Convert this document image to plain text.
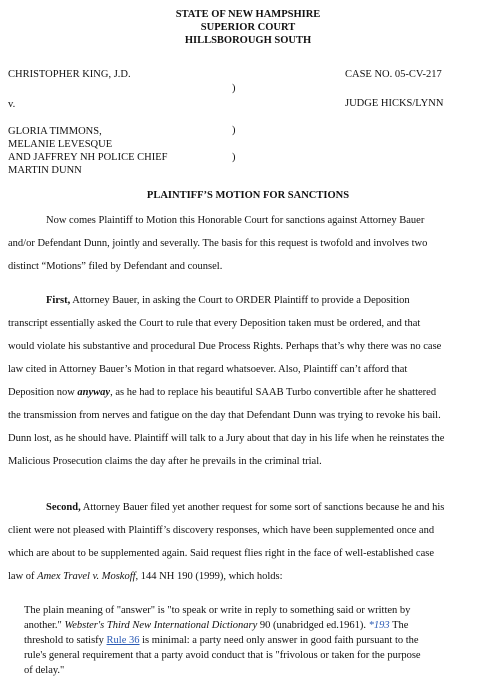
STATE OF NEW HAMPSHIRE
SUPERIOR COURT
HILLSBOROUGH SOUTH
CHRISTOPHER KING, J.D.	CASE NO. 05-CV-217
)
v.	JUDGE HICKS/LYNN
GLORIA TIMMONS,	)
MELANIE LEVESQUE
AND JAFFREY NH POLICE CHIEF	)
MARTIN DUNN
PLAINTIFF’S MOTION FOR SANCTIONS
Now comes Plaintiff to Motion this Honorable Court for sanctions against Attorney Bauer
and/or Defendant Dunn, jointly and severally. The basis for this request is twofold and involves two
distinct “Motions” filed by Defendant and counsel.
First, Attorney Bauer, in asking the Court to ORDER Plaintiff to provide a Deposition
transcript essentially asked the Court to rule that every Deposition taken must be ordered, and that
would violate his substantive and procedural Due Process Rights. Perhaps that’s why there was no case
law cited in Attorney Bauer’s Motion in that regard whatsoever. Also, Plaintiff can’t afford that
Deposition now anyway, as he had to replace his beautiful SAAB Turbo convertible after he shattered
the transmission from nerves and fatigue on the day that Defendant Dunn was trying to revoke his bail.
Dunn lost, as he should have. Plaintiff will talk to a Jury about that day in his life when he reinstates the
Malicious Prosecution claims the day after he prevails in the criminal trial.
Second, Attorney Bauer filed yet another request for some sort of sanctions because he and his
client were not pleased with Plaintiff’s discovery responses, which have been supplemented once and
which are about to be supplemented again. Said request flies right in the face of well-established case
law of Amex Travel v. Moskoff, 144 NH 190 (1999), which holds:
The plain meaning of "answer" is "to speak or write in reply to something said or written by
another." Webster's Third New International Dictionary 90 (unabridged ed.1961). *193 The
threshold to satisfy Rule 36 is minimal: a party need only answer in good faith pursuant to the
rule's general requirement that a party avoid conduct that is "frivolous or taken for the purpose
of delay."
